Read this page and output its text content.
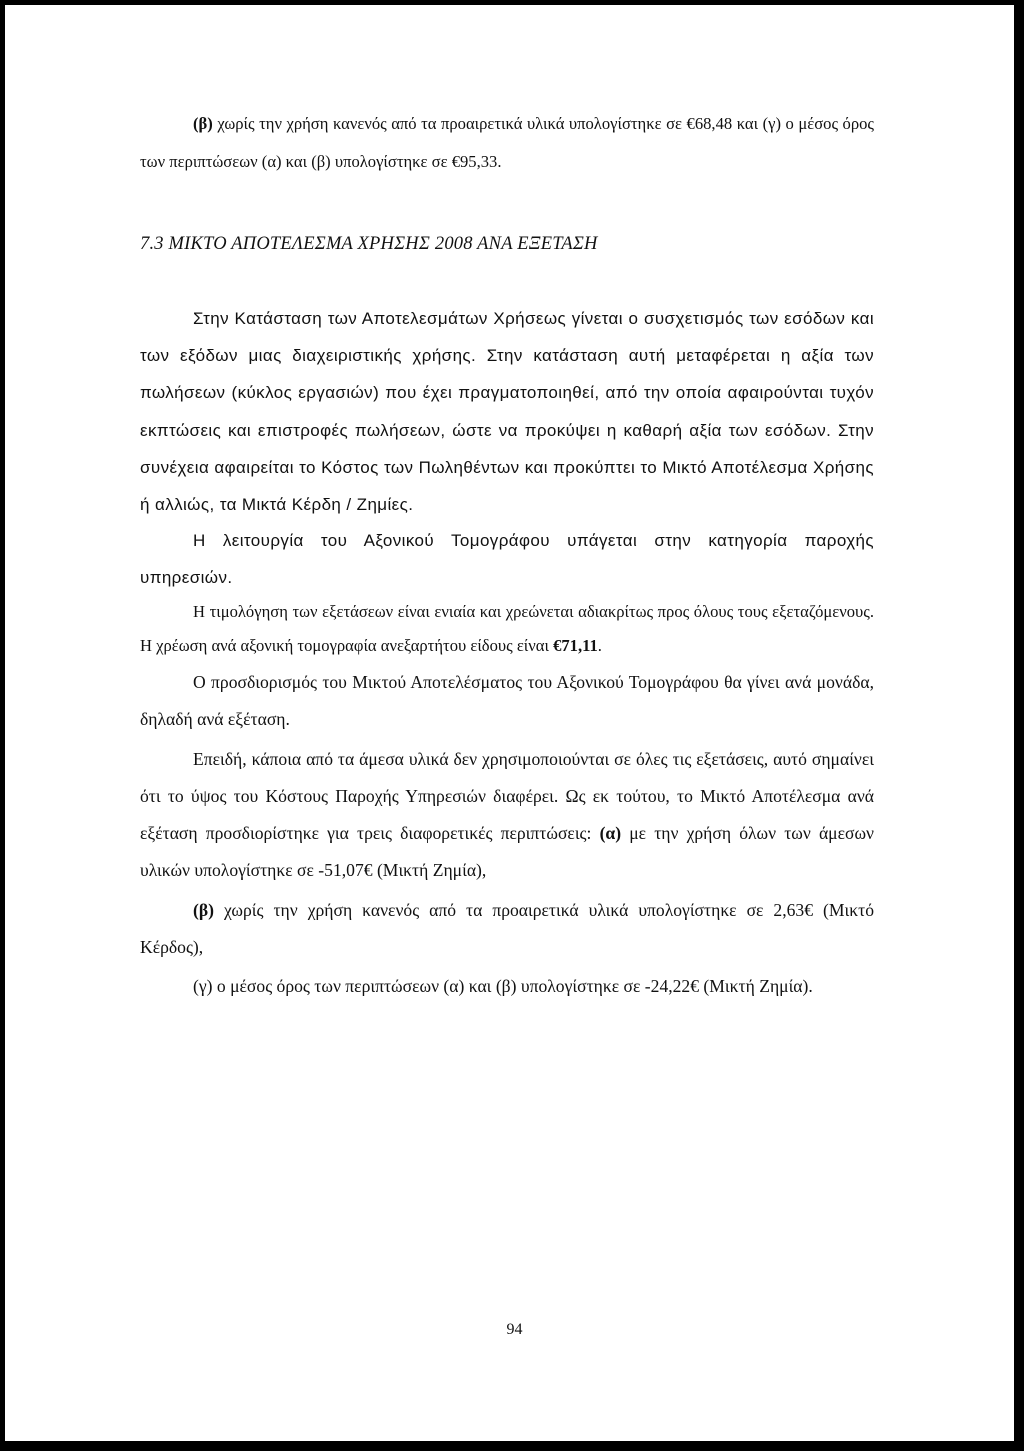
(β) χωρίς την χρήση κανενός από τα προαιρετικά υλικά υπολογίστηκε σε €68,48 και (γ) ο μέσος όρος των περιπτώσεων (α) και (β) υπολογίστηκε σε €95,33.

7.3 ΜΙΚΤΟ ΑΠΟΤΕΛΕΣΜΑ ΧΡΗΣΗΣ 2008 ΑΝΑ ΕΞΕΤΑΣΗ

Στην Κατάσταση των Αποτελεσμάτων Χρήσεως γίνεται ο συσχετισμός των εσόδων και των εξόδων μιας διαχειριστικής χρήσης. Στην κατάσταση αυτή μεταφέρεται η αξία των πωλήσεων (κύκλος εργασιών) που έχει πραγματοποιηθεί, από την οποία αφαιρούνται τυχόν εκπτώσεις και επιστροφές πωλήσεων, ώστε να προκύψει η καθαρή αξία των εσόδων. Στην συνέχεια αφαιρείται το Κόστος των Πωληθέντων και προκύπτει το Μικτό Αποτέλεσμα Χρήσης ή αλλιώς, τα Μικτά Κέρδη / Ζημίες.

Η λειτουργία του Αξονικού Τομογράφου υπάγεται στην κατηγορία παροχής υπηρεσιών.

Η τιμολόγηση των εξετάσεων είναι ενιαία και χρεώνεται αδιακρίτως προς όλους τους εξεταζόμενους. Η χρέωση ανά αξονική τομογραφία ανεξαρτήτου είδους είναι €71,11.

Ο προσδιορισμός του Μικτού Αποτελέσματος του Αξονικού Τομογράφου θα γίνει ανά μονάδα, δηλαδή ανά εξέταση.

Επειδή, κάποια από τα άμεσα υλικά δεν χρησιμοποιούνται σε όλες τις εξετάσεις, αυτό σημαίνει ότι το ύψος του Κόστους Παροχής Υπηρεσιών διαφέρει. Ως εκ τούτου, το Μικτό Αποτέλεσμα ανά εξέταση προσδιορίστηκε για τρεις διαφορετικές περιπτώσεις: (α) με την χρήση όλων των άμεσων υλικών υπολογίστηκε σε -51,07€ (Μικτή Ζημία),

(β) χωρίς την χρήση κανενός από τα προαιρετικά υλικά υπολογίστηκε σε 2,63€ (Μικτό Κέρδος),

(γ) ο μέσος όρος των περιπτώσεων (α) και (β) υπολογίστηκε σε -24,22€ (Μικτή Ζημία).

94
